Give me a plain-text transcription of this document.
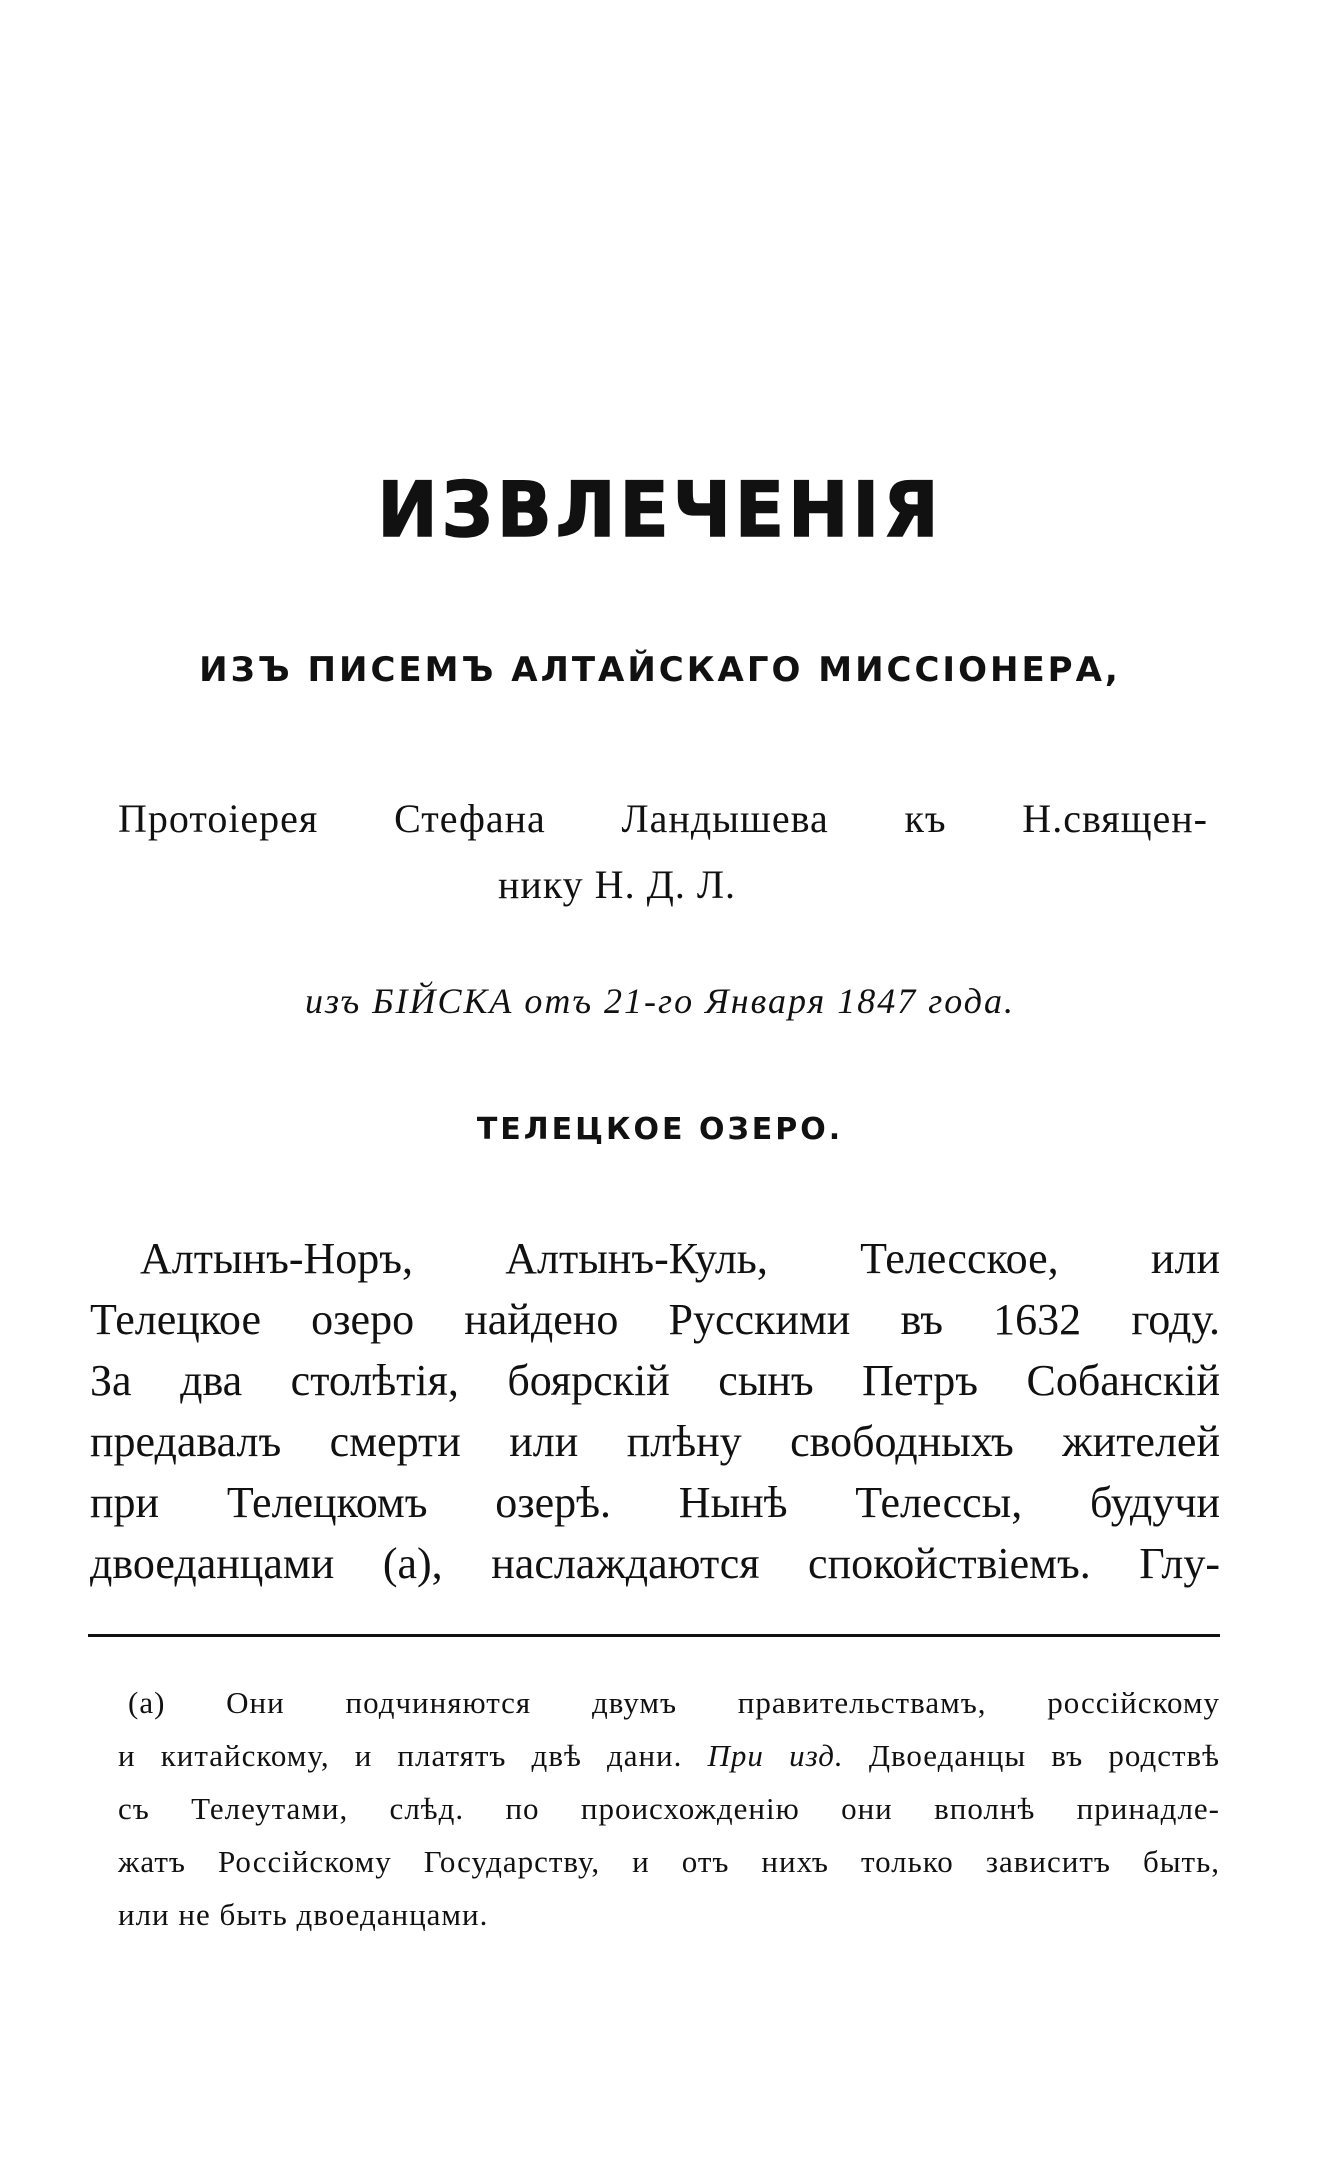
ИЗВЛЕЧЕНІЯ
ИЗЪ ПИСЕМЪ АЛТАЙСКАГО МИССІОНЕРА,
Протоіерея Стефана Ландышева къ Н.священ-
нику Н. Д. Л.
изъ БІЙСКА отъ 21-го Января 1847 года.
ТЕЛЕЦКОЕ ОЗЕРО.
Алтынъ-Норъ, Алтынъ-Куль, Телесское, или
Телецкое озеро найдено Русскими въ 1632 году.
За два столѣтія, боярскій сынъ Петръ Собанскій
предавалъ смерти или плѣну свободныхъ жителей
при Телецкомъ озерѣ. Нынѣ Телессы, будучи
двоеданцами (а), наслаждаются спокойствіемъ. Глу-
(а) Они подчиняются двумъ правительствамъ, россійскому
и китайскому, и платятъ двѣ дани. При изд. Двоеданцы въ родствѣ
съ Телеутами, слѣд. по происхожденію они вполнѣ принадле-
жатъ Россійскому Государству, и отъ нихъ только зависитъ быть,
или не быть двоеданцами.
